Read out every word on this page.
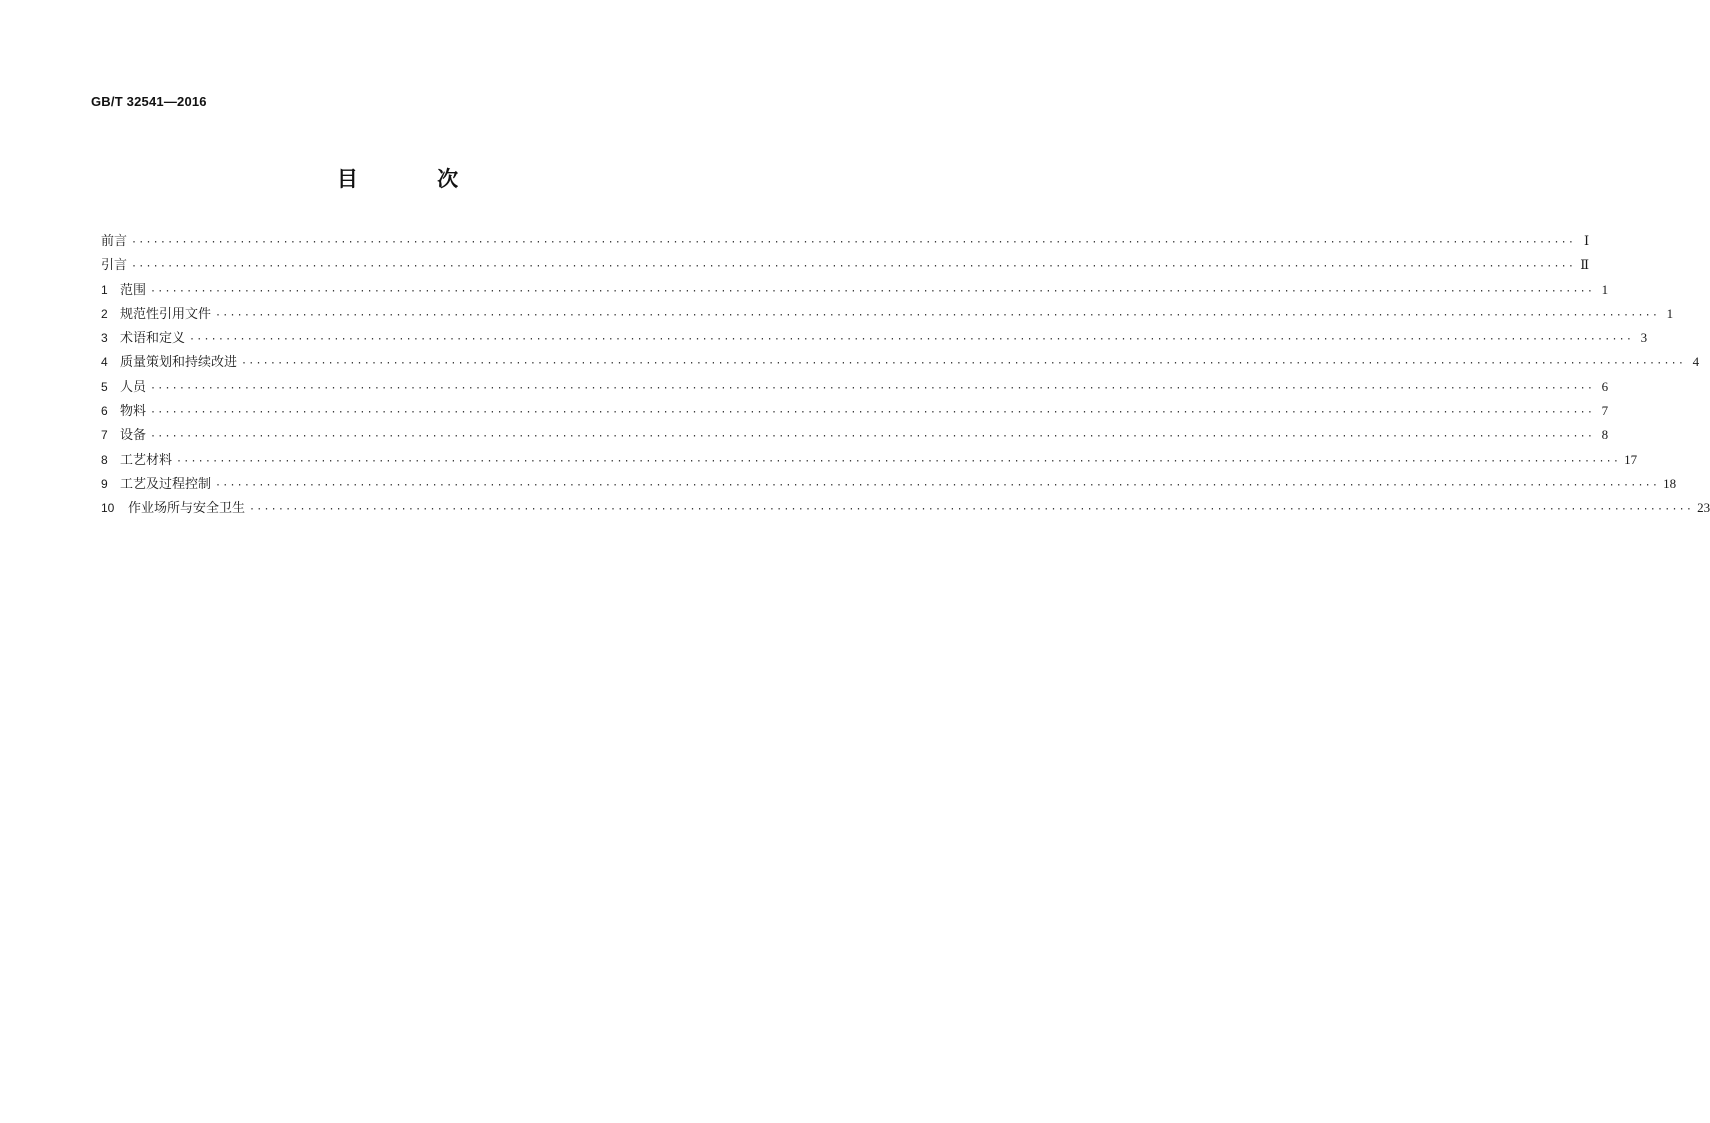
GB/T 32541—2016
目 次
前言 ········································································································································································································ Ⅰ
引言 ········································································································································································································ Ⅱ
1 范围 ········································································································································································································ 1
2 规范性引用文件 ········································································································································································································ 1
3 术语和定义 ········································································································································································································ 3
4 质量策划和持续改进 ········································································································································································································ 4
5 人员 ········································································································································································································ 6
6 物料 ········································································································································································································ 7
7 设备 ········································································································································································································ 8
8 工艺材料 ········································································································································································································ 17
9 工艺及过程控制 ········································································································································································································ 18
10	作业场所与安全卫生 ········································································································································································································ 23
